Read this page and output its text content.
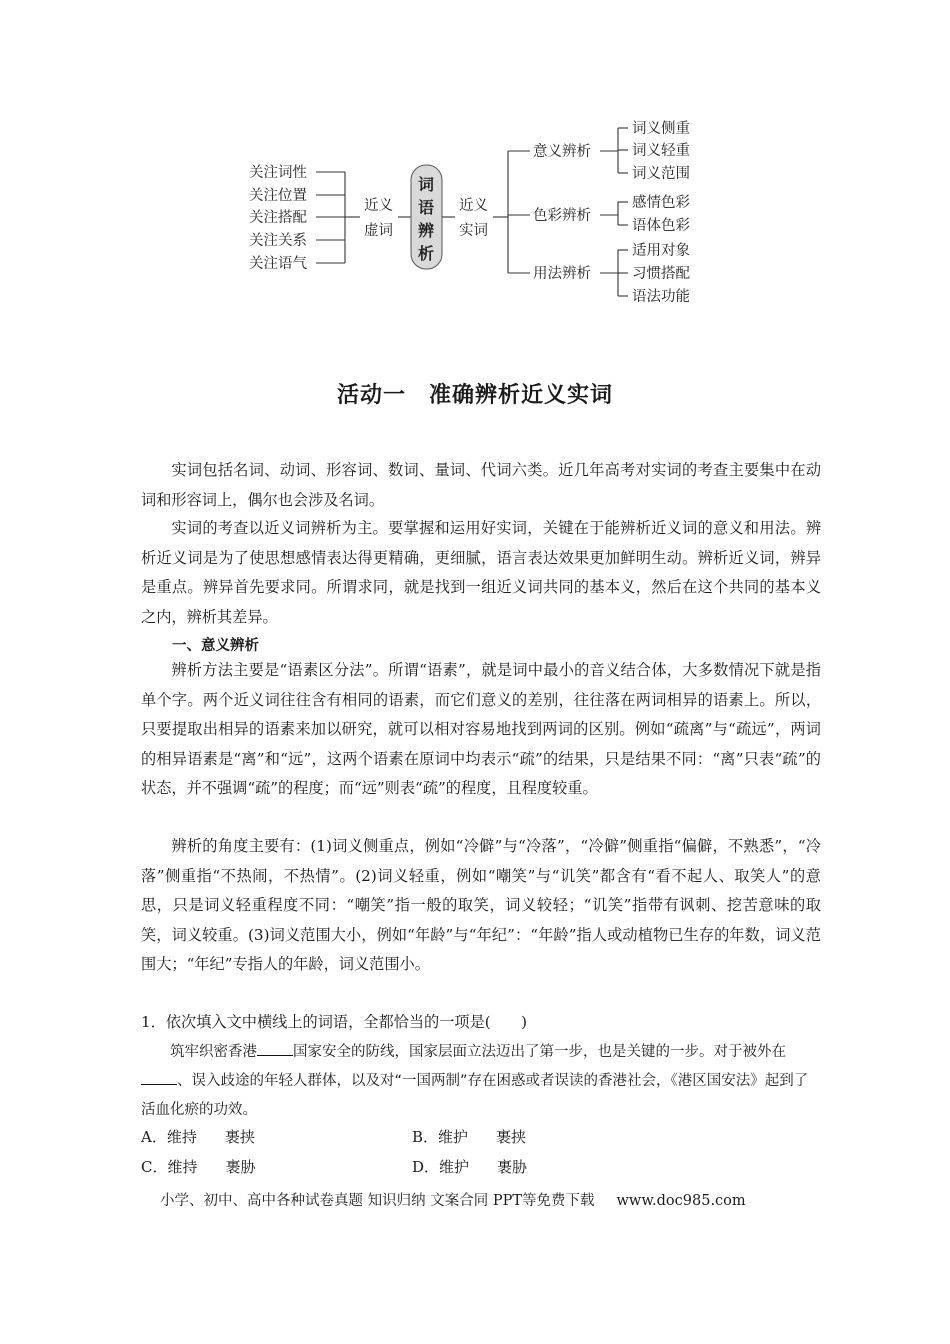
词
语
辨
析
关注词性
关注位置
关注搭配
关注关系
关注语气
近义
虚词
近义
实词
意义辨析
色彩辨析
用法辨析
词义侧重
词义轻重
词义范围
感情色彩
语体色彩
适用对象
习惯搭配
语法功能
活动一　准确辨析近义实词

实词包括名词、动词、形容词、数词、量词、代词六类。近几年高考对实词的考查主要集中在动词和形容词上，偶尔也会涉及名词。

实词的考查以近义词辨析为主。要掌握和运用好实词，关键在于能辨析近义词的意义和用法。辨析近义词是为了使思想感情表达得更精确，更细腻，语言表达效果更加鲜明生动。辨析近义词，辨异是重点。辨异首先要求同。所谓求同，就是找到一组近义词共同的基本义，然后在这个共同的基本义之内，辨析其差异。

一、意义辨析

辨析方法主要是“语素区分法”。所谓“语素”，就是词中最小的音义结合体，大多数情况下就是指单个字。两个近义词往往含有相同的语素，而它们意义的差别，往往落在两词相异的语素上。所以，只要提取出相异的语素来加以研究，就可以相对容易地找到两词的区别。例如“疏离”与“疏远”，两词的相异语素是“离”和“远”，这两个语素在原词中均表示“疏”的结果，只是结果不同：“离”只表“疏”的状态，并不强调“疏”的程度；而“远”则表“疏”的程度，且程度较重。

辨析的角度主要有：(1)词义侧重点，例如“冷僻”与“冷落”，“冷僻”侧重指“偏僻，不熟悉”，“冷落”侧重指“不热闹，不热情”。(2)词义轻重，例如“嘲笑”与“讥笑”都含有“看不起人、取笑人”的意思，只是词义轻重程度不同：“嘲笑”指一般的取笑，词义较轻；“讥笑”指带有讽刺、挖苦意味的取笑，词义较重。(3)词义范围大小，例如“年龄”与“年纪”：“年龄”指人或动植物已生存的年数，词义范围大；“年纪”专指人的年龄，词义范围小。

1．依次填入文中横线上的词语，全都恰当的一项是(　　)

筑牢织密香港 国家安全的防线，国家层面立法迈出了第一步，也是关键的一步。对于被外在、误入歧途的年轻人群体，以及对“一国两制”存在困惑或者误读的香港社会，《港区国安法》起到了活血化瘀的功效。

A．维持 裹挟	B．维护 裹挟
C．维持 裹胁	D．维护 裹胁
小学、初中、高中各种试卷真题 知识归纳 文案合同 PPT等免费下载 www.doc985.com
